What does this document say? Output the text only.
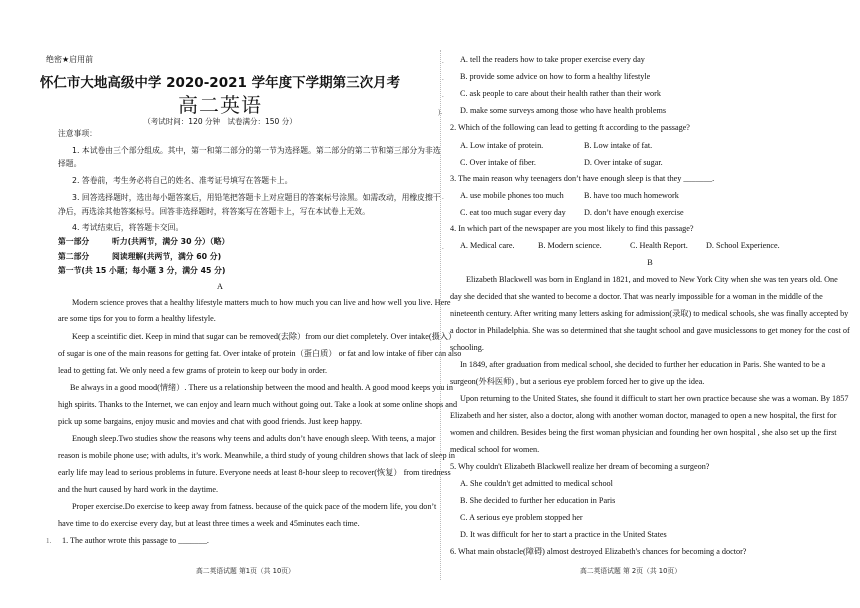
绝密★启用前
怀仁市大地高级中学 2020-2021 学年度下学期第三次月考
高二英语
（考试时间：120 分钟　试卷满分：150 分）
注意事项：
1. 本试卷由三个部分组成。其中，第一和第二部分的第一节为选择题。第二部分的第二节和第三部分为非选
择题。
2. 答卷前，考生务必将自己的姓名、准考证号填写在答题卡上。
3. 回答选择题时，选出每小题答案后，用铅笔把答题卡上对应题目的答案标号涂黑。如需改动，用橡皮擦干
净后，再选涂其他答案标号。回答非选择题时，将答案写在答题卡上，写在本试卷上无效。
4. 考试结束后，将答题卡交回。
第一部分	听力(共两节，满分 30 分）（略）
第二部分	阅读理解(共两节，满分 60 分)
第一节(共 15 小题；每小题 3 分，满分 45 分)
A
Modern science proves that a healthy lifestyle matters much to how much you can live and how well you live. Here
are some tips for you to form a healthy lifestyle.
Keep a sceintific diet. Keep in mind that sugar can be removed(去除）from our diet completely. Over intake(摄入）
of sugar is one of the main reasons for getting fat. Over intake of protein（蛋白质） or fat and low intake of fiber can also
lead to getting fat. We only need a few grams of protein to keep our body in order.
Be always in a good mood(情绪）. There us a relationship between the mood and health. A good mood keeps you in
high spirits. Thanks to the Internet, we can enjoy and learn much without going out. Take a look at some online shops and
pick up some bargains, enjoy music and movies and chat with good friends. Just keep happy.
Enough sleep.Two studies show the reasons why teens and adults don’t have enough sleep. With teens, a major
reason is mobile phone use; with adults, it’s work. Meanwhile, a third study of young children shows that lack of sleep in
early life may lead to serious problems in future. Everyone needs at least 8-hour sleep to recover(恢复） from tiredness
and the hurt caused by hard work in the daytime.
Proper exercise.Do exercise to keep away from fatness. because of the quick pace of the modern life, you don’t
have time to do exercise every day, but at least three times a week and 45minutes each time.
1. 1. The author wrote this passage to _______.
高二英语试题 第1页（共 10页）
. A. tell the readers how to take proper exercise every day
. B. provide some advice on how to form a healthy lifestyle
. C. ask people to care about their health rather than their work
). D. make some surveys among those who have health problems
2. Which of the following can lead to getting ft according to the passage?
A. Low intake of protein.	B. Low intake of fat.
C. Over intake of fiber.	D. Over intake of sugar.
3. The main reason why teenagers don’t have enough sleep is that they _______.
. A. use mobile phones too much B. have too much homework
C. eat too much sugar every day D. don’t have enough exercise
4. In which part of the newspaper are you most likely to find this passage?
. A. Medical care.	B. Modern science.	C. Health Report. D. School Experience.
B
Elizabeth Blackwell was born in England in 1821, and moved to New York City when she was ten years old. One
day she decided that she wanted to become a doctor. That was nearly impossible for a woman in the middle of the
nineteenth century. After writing many letters asking for admission(录取) to medical schools, she was finally accepted by
a doctor in Philadelphia. She was so determined that she taught school and gave musiclessons to get money for the cost of
schooling.
In 1849, after graduation from medical school, she decided to further her education in Paris. She wanted to be a
surgeon(外科医师) , but a serious eye problem forced her to give up the idea.
Upon returning to the United States, she found it difficult to start her own practice because she was a woman. By 1857
Elizabeth and her sister, also a doctor, along with another woman doctor, managed to open a new hospital, the first for
women and children. Besides being the first woman physician and founding her own hospital , she also set up the first
medical school for women.
5. Why couldn't Elizabeth Blackwell realize her dream of becoming a surgeon?
A. She couldn't get admitted to medical school
B. She decided to further her education in Paris
C. A serious eye problem stopped her
D. It was difficult for her to start a practice in the United States
6. What main obstacle(障碍) almost destroyed Elizabeth's chances for becoming a doctor?
高二英语试题 第 2页（共 10页）
